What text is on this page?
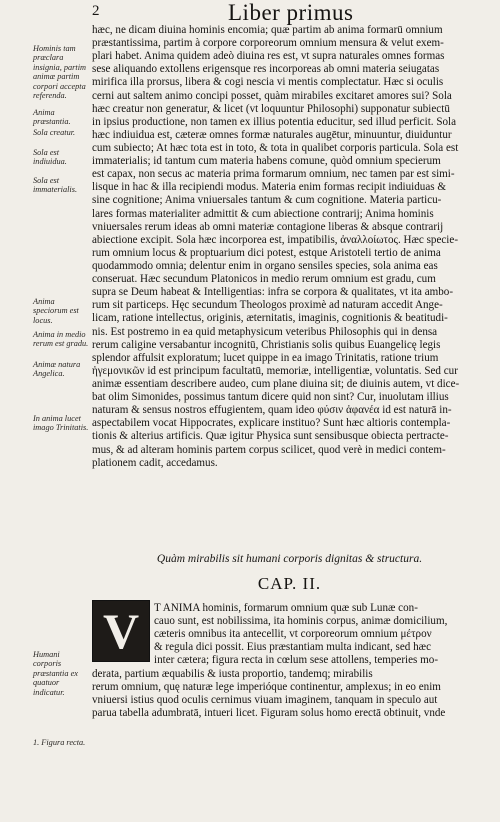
2	Liber primus
Hominis tam præclara insignia, partim animæ partim corpori accepta referenda.
Anima præstantia.
Sola creatur.
Sola est indiuidua.
Sola est immaterialis.
Anima speciorum est locus.
Anima in medio rerum est gradu.
Animæ natura Angelica.
In anima lucet imago Trinitatis.
Humani corporis præstantia ex quatuor indicatur.
1. Figura recta.
hæc, ne dicam diuina hominis encomia; quæ partim ab anima formarū omnium
præstantissima, partim à corpore corporeorum omnium mensura & velut exem-
plari habet. Anima quidem adeò diuina res est, vt supra naturales omnes formas
sese aliquando extollens erigensque res incorporeas ab omni materia seiugatas
mirifica illa prorsus, libera & cogi nescia vi mentis complectatur. Hæc si oculis
cerni aut saltem animo concipi posset, quàm mirabiles excitaret amores sui? Sola
hæc creatur non generatur, & licet (vt loquuntur Philosophi) supponatur subiectū
in ipsius productione, non tamen ex illius potentia educitur, sed illud perficit. Sola
hæc indiuidua est, cæteræ omnes formæ naturales augētur, minuuntur, diuiduntur
cum subiecto; At hæc tota est in toto, & tota in qualibet corporis particula. Sola est
immaterialis; id tantum cum materia habens comune, quòd omnium specierum
est capax, non secus ac materia prima formarum omnium, nec tamen par est simi-
lisque in hac & illa recipiendi modus. Materia enim formas recipit indiuiduas &
sine cognitione; Anima vniuersales tantum & cum cognitione. Materia particu-
lares formas materialiter admittit & cum abiectione contrarij; Anima hominis
vniuersales rerum ideas ab omni materiæ contagione liberas & absque contrarij
abiectione excipit. Sola hæc incorporea est, impatibilis, ἀναλλοίωτος. Hæc specie-
rum omnium locus & proptuarium dici potest, estque Aristoteli tertio de anima
quodammodo omnia; delentur enim in organo sensiles species, sola anima eas
conseruat. Hæc secundum Platonicos in medio rerum omnium est gradu, cum
supra se Deum habeat & Intelligentias: infra se corpora & qualitates, vt ita ambo-
rum sit particeps. Hęc secundum Theologos proximè ad naturam accedit Ange-
licam, ratione intellectus, originis, æternitatis, imaginis, cognitionis & beatitudi-
nis. Est postremo in ea quid metaphysicum veteribus Philosophis qui in densa
rerum caligine versabantur incognitū, Christianis solis quibus Euangelicę legis
splendor affulsit exploratum; lucet quippe in ea imago Trinitatis, ratione trium
ἡγεμονικῶν id est principum facultatū, memoriæ, intelligentiæ, voluntatis. Sed cur
animæ essentiam describere audeo, cum plane diuina sit; de diuinis autem, vt dice-
bat olim Simonides, possimus tantum dicere quid non sint? Cur, inuolutam illius
naturam & sensus nostros effugientem, quam ideo φύσιν ἀφανέα id est naturā in-
aspectabilem vocat Hippocrates, explicare instituo? Sunt hæc altioris contempla-
tionis & alterius artificis. Quæ igitur Physica sunt sensibusque obiecta pertracte-
mus, & ad alteram hominis partem corpus scilicet, quod verè in medici contem-
plationem cadit, accedamus.
Quàm mirabilis sit humani corporis dignitas & structura.
CAP. II.
V	T ANIMA hominis, formarum omnium quæ sub Lunæ con-
cauo sunt, est nobilissima, ita hominis corpus, animæ domicilium,
cæteris omnibus ita antecellit, vt corporeorum omnium μέτρον
& regula dici possit. Eius præstantiam multa indicant, sed hæc
inter cætera; figura recta in cœlum sese attollens, temperies mo-
derata, partium æquabilis & iusta proportio, tandemq; mirabilis
rerum omnium, quę naturæ lege imperióque continentur, amplexus; in eo enim
vniuersi istius quod oculis cernimus viuam imaginem, tanquam in speculo aut
parua tabella adumbratā, intueri licet. Figuram solus homo erectā obtinuit, vnde
